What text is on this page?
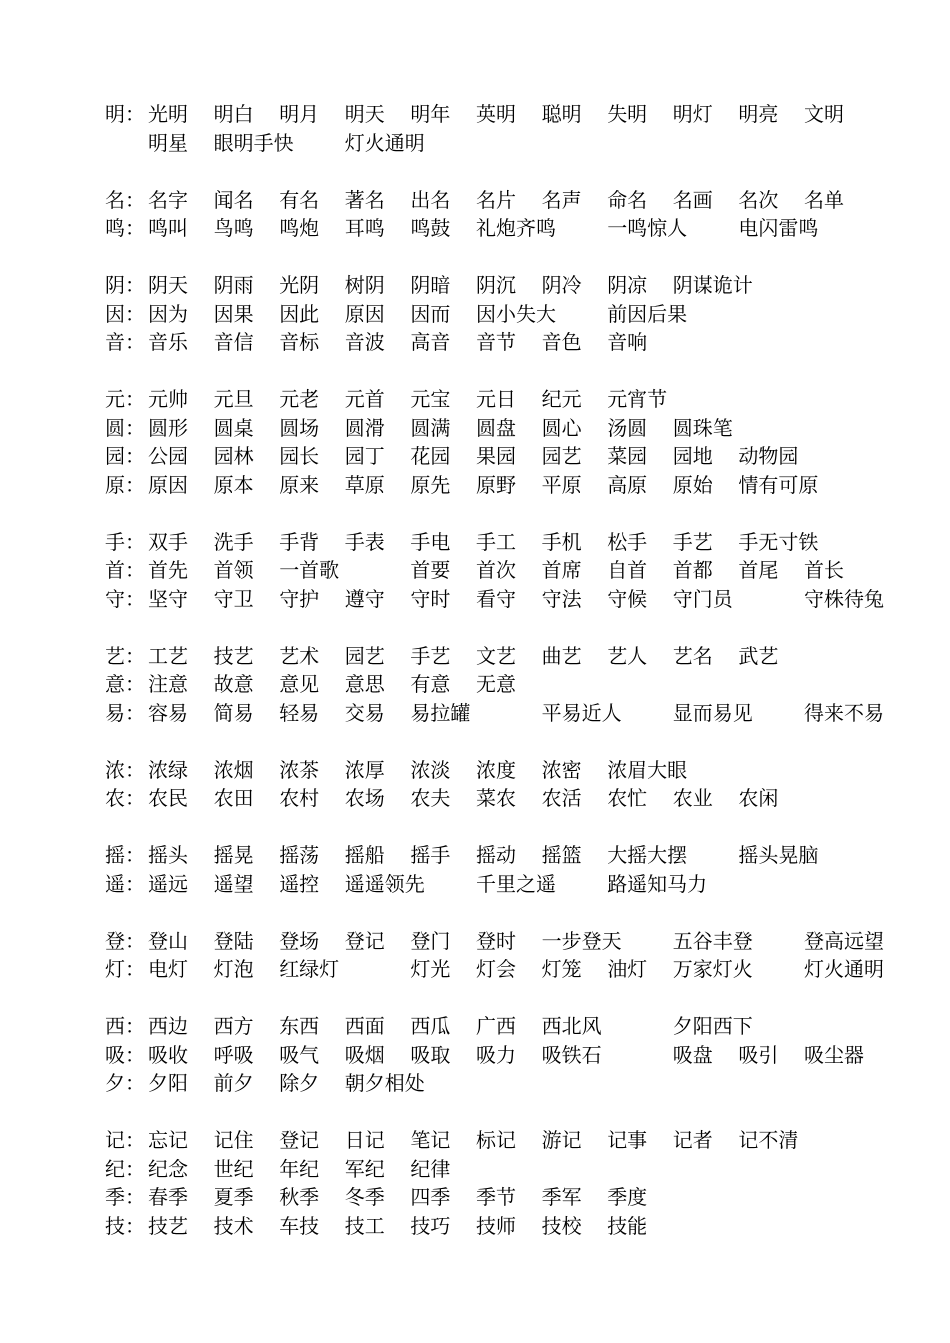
明： 光明 明白 明月 明天 明年 英明 聪明 失明 明灯 明亮 文明
明星 眼明手快	灯火通明
名： 名字 闻名 有名 著名 出名 名片 名声 命名 名画 名次 名单
鸣： 鸣叫 鸟鸣 鸣炮 耳鸣 鸣鼓 礼炮齐鸣	一鸣惊人	电闪雷鸣
阴： 阴天 阴雨 光阴 树阴 阴暗 阴沉 阴冷 阴凉 阴谋诡计
因： 因为 因果 因此 原因 因而 因小失大	前因后果
音： 音乐 音信 音标 音波 高音 音节 音色 音响
元： 元帅 元旦 元老 元首 元宝 元日 纪元 元宵节
圆： 圆形 圆桌 圆场 圆滑 圆满 圆盘 圆心 汤圆 圆珠笔
园： 公园 园林 园长 园丁 花园 果园 园艺 菜园 园地 动物园
原： 原因 原本 原来 草原 原先 原野 平原 高原 原始 情有可原
手： 双手 洗手 手背 手表 手电 手工 手机 松手 手艺 手无寸铁
首： 首先 首领 一首歌	首要 首次 首席 自首 首都 首尾 首长
守： 坚守 守卫 守护 遵守 守时 看守 守法 守候 守门员	守株待兔
艺： 工艺 技艺 艺术 园艺 手艺 文艺 曲艺 艺人 艺名 武艺
意： 注意 故意 意见 意思 有意 无意
易： 容易 简易 轻易 交易 易拉罐	平易近人	显而易见	得来不易
浓： 浓绿 浓烟 浓茶 浓厚 浓淡 浓度 浓密 浓眉大眼
农： 农民 农田 农村 农场 农夫 菜农 农活 农忙 农业 农闲
摇： 摇头 摇晃 摇荡 摇船 摇手 摇动 摇篮 大摇大摆	摇头晃脑
遥： 遥远 遥望 遥控 遥遥领先	千里之遥	路遥知马力
登： 登山 登陆 登场 登记 登门 登时 一步登天	五谷丰登	登高远望
灯： 电灯 灯泡 红绿灯	灯光 灯会 灯笼 油灯 万家灯火	灯火通明
西： 西边 西方 东西 西面 西瓜 广西 西北风	夕阳西下
吸： 吸收 呼吸 吸气 吸烟 吸取 吸力 吸铁石	吸盘 吸引 吸尘器
夕： 夕阳 前夕 除夕 朝夕相处
记： 忘记 记住 登记 日记 笔记 标记 游记 记事 记者 记不清
纪： 纪念 世纪 年纪 军纪 纪律
季： 春季 夏季 秋季 冬季 四季 季节 季军 季度
技： 技艺 技术 车技 技工 技巧 技师 技校 技能
